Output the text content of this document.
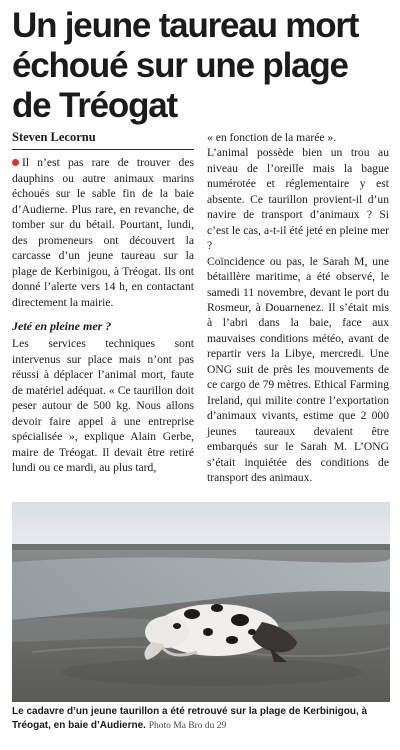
Un jeune taureau mort échoué sur une plage de Tréogat
Steven Lecornu

Il n’est pas rare de trouver des dauphins ou autre animaux marins échoués sur le sable fin de la baie d’Audierne. Plus rare, en revanche, de tomber sur du bétail. Pourtant, lundi, des promeneurs ont découvert la carcasse d’un jeune taureau sur la plage de Kerbinigou, à Tréogat. Ils ont donné l’alerte vers 14 h, en contactant directement la mairie.

Jeté en pleine mer ?

Les services techniques sont intervenus sur place mais n’ont pas réussi à déplacer l’animal mort, faute de matériel adéquat. « Ce taurillon doit peser autour de 500 kg. Nous allons devoir faire appel à une entreprise spécialisée », explique Alain Gerbe, maire de Tréogat. Il devait être retiré lundi ou ce mardi, au plus tard,

« en fonction de la marée ».

L’animal possède bien un trou au niveau de l’oreille mais la bague numérotée et réglementaire y est absente. Ce taurillon provient-il d’un navire de transport d’animaux ? Si c’est le cas, a-t-il été jeté en pleine mer ?

Coïncidence ou pas, le Sarah M, une bétaillère maritime, a été observé, le samedi 11 novembre, devant le port du Rosmeur, à Douarnenez. Il s’était mis à l’abri dans la baie, face aux mauvaises conditions météo, avant de repartir vers la Libye, mercredi. Une ONG suit de près les mouvements de ce cargo de 79 mètres. Ethical Farming Ireland, qui milite contre l’exportation d’animaux vivants, estime que 2 000 jeunes taureaux devaient être embarqués sur le Sarah M. L’ONG s’était inquiétée des conditions de transport des animaux.

Le cadavre d’un jeune taurillon a été retrouvé sur la plage de Kerbinigou, à Tréogat, en baie d’Audierne. Photo Ma Bro du 29
